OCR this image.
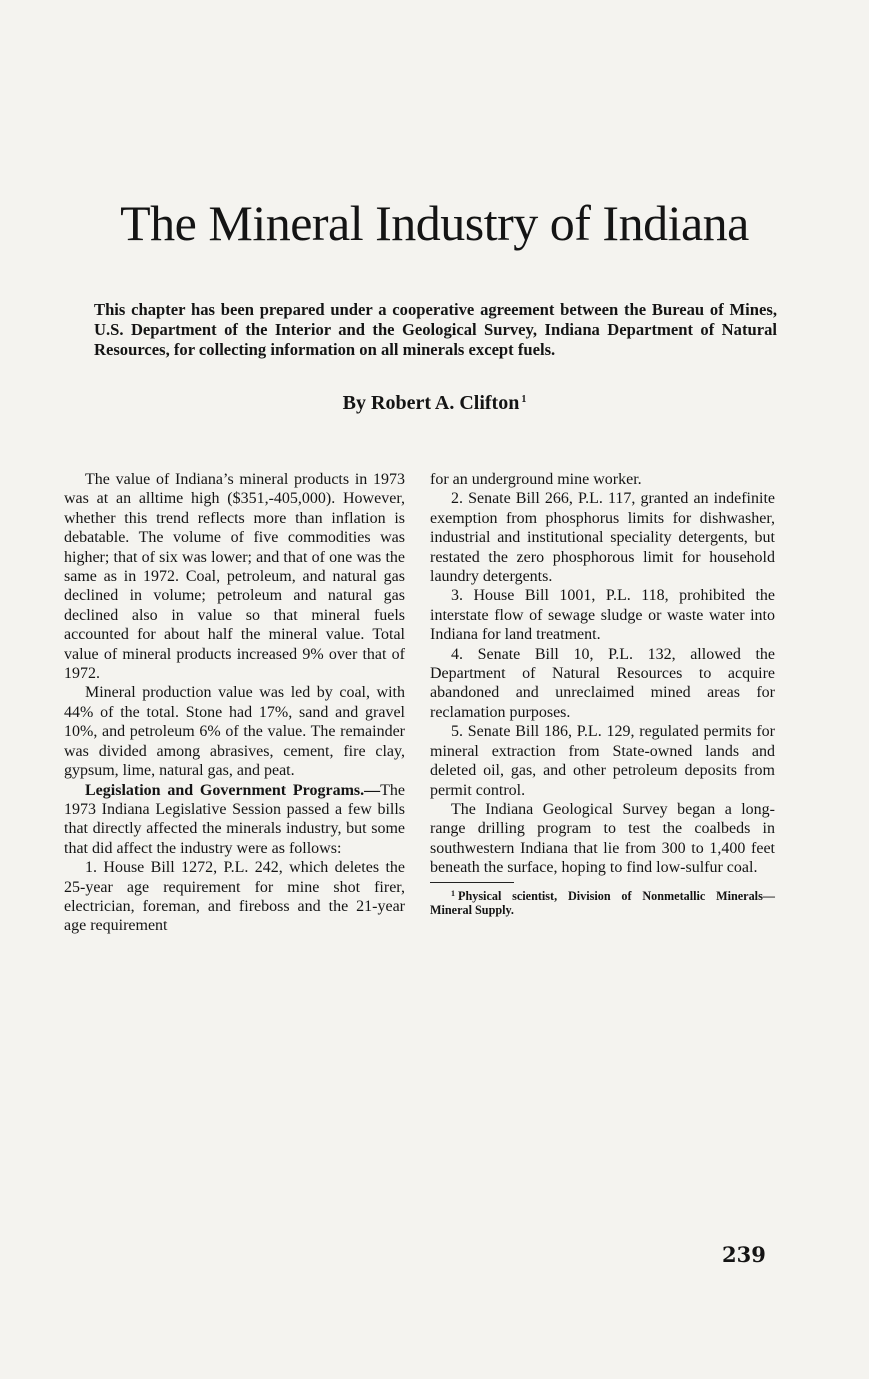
The Mineral Industry of Indiana

This chapter has been prepared under a cooperative agreement between the Bureau of Mines, U.S. Department of the Interior and the Geological Survey, Indiana Department of Natural Resources, for collecting information on all minerals except fuels.

By Robert A. Clifton $^1$

The value of Indiana’s mineral products in 1973 was at an alltime high ($351,-405,000). However, whether this trend reflects more than inflation is debatable. The volume of five commodities was higher; that of six was lower; and that of one was the same as in 1972. Coal, petroleum, and natural gas declined in volume; petroleum and natural gas declined also in value so that mineral fuels accounted for about half the mineral value. Total value of mineral products increased 9% over that of 1972.

Mineral production value was led by coal, with 44% of the total. Stone had 17%, sand and gravel 10%, and petroleum 6% of the value. The remainder was divided among abrasives, cement, fire clay, gypsum, lime, natural gas, and peat.

Legislation and Government Programs.—The 1973 Indiana Legislative Session passed a few bills that directly affected the minerals industry, but some that did affect the industry were as follows:

1. House Bill 1272, P.L. 242, which deletes the 25-year age requirement for mine shot firer, electrician, foreman, and fireboss and the 21-year age requirement

for an underground mine worker.

2. Senate Bill 266, P.L. 117, granted an indefinite exemption from phosphorus limits for dishwasher, industrial and institutional speciality detergents, but restated the zero phosphorous limit for household laundry detergents.

3. House Bill 1001, P.L. 118, prohibited the interstate flow of sewage sludge or waste water into Indiana for land treatment.

4. Senate Bill 10, P.L. 132, allowed the Department of Natural Resources to acquire abandoned and unreclaimed mined areas for reclamation purposes.

5. Senate Bill 186, P.L. 129, regulated permits for mineral extraction from State-owned lands and deleted oil, gas, and other petroleum deposits from permit control.

The Indiana Geological Survey began a long-range drilling program to test the coalbeds in southwestern Indiana that lie from 300 to 1,400 feet beneath the surface, hoping to find low-sulfur coal.

$^1$ Physical scientist, Division of Nonmetallic Minerals—Mineral Supply.

239
